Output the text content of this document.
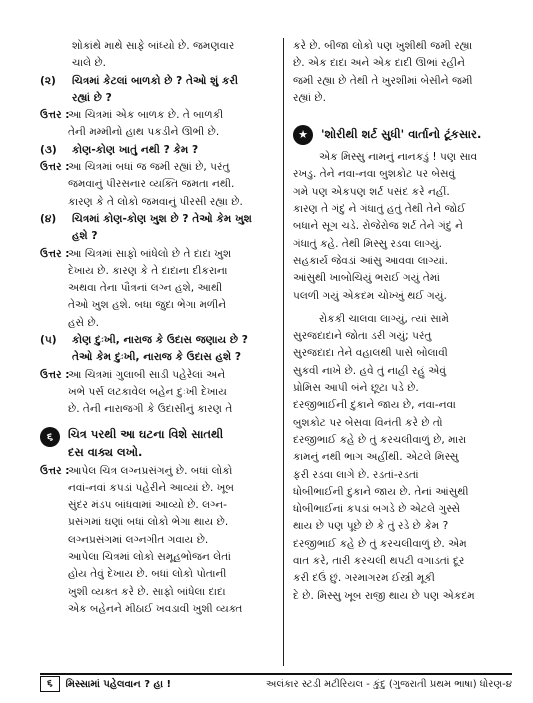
શોકાંથે માથે સાફે બાંધ્યો છે. જમણવાર
ચાલે છે.
(૨)	ચિત્રમાં કેટલાં બાળકો છે ? તેઓ શું કરી
રહ્યાં છે ?
ઉત્તર :
આ ચિત્રમાં એક બાળક છે. તે બાળકી
તેની મમ્મીનો હાથ પકડીને ઊભી છે.
(૩)	કોણ-કોણ ખાતું નથી ? કેમ ?
ઉત્તર :
આ ચિત્રમાં બધાં જ જમી રહ્યાં છે, પરંતુ
જમવાનું પીરસનાર વ્યક્તિ જમતા નથી.
કારણ કે તે લોકો જમવાનું પીરસી રહ્યા છે.
(૪)	ચિત્રમાં કોણ-કોણ ખુશ છે ? તેઓ કેમ ખુશ
હશે ?
ઉત્તર :
આ ચિત્રમાં સાફો બાંધેલો છે તે દાદા ખુશ
દેખાય છે. કારણ કે તે દાદાના દીકરાના
અથવા તેના પૌત્રનાં લગ્ન હશે, આથી
તેઓ ખુશ હશે. બધા જુદા ભેગા મળીને
હસે છે.
(૫)	કોણ દુઃખી, નારાજ કે ઉદાસ જણાય છે ?
તેઓ કેમ દુઃખી, નારાજ કે ઉદાસ હશે ?
ઉત્તર :
આ ચિત્રમાં ગુલાબી સાડી પહેરેલાં અને
ખભે પર્સ લટકાવેલ બહેન દુઃખી દેખાય
છે. તેની નારાજગી કે ઉદાસીનું કારણ તે
૬	ચિત્ર પરથી આ ઘટના વિશે સાતથી
દસ વાક્ય લખો.
ઉત્તર :
આપેલ ચિત્ર લગ્નપ્રસંગનું છે. બધાં લોકો
નવાં-નવાં કપડાં પહેરીને આવ્યાં છે. ખૂબ
સુંદર મંડપ બાંધવામાં આવ્યો છે. લગ્ન-
પ્રસંગમાં ઘણાં બધાં લોકો ભેગા થાય છે.
લગ્નપ્રસંગમાં લગ્નગીત ગવાય છે.
આપેલા ચિત્રમાં લોકો સમૂહભોજન લેતાં
હોય તેવું દેખાય છે. બધાં લોકો પોતાની
ખુશી વ્યક્ત કરે છે. સાફો બાંધેલા દાદા
એક બહેનને મીઠાઈ ખવડાવી ખુશી વ્યક્ત
કરે છે. બીજા લોકો પણ ખુશીથી જમી રહ્યા
છે. એક દાદા અને એક દાદી ઊભાં રહીને
જમી રહ્યા છે તેથી તે ખુરશીમાં બેસીને જમી
રહ્યાં છે.
★	'શોરીથી શર્ટ સુધી' વાર્તાનો ટૂંકસાર.
એક મિસ્સુ નામનું નાનકડું ! પણ સાવ
રખડુ. તેને નવા-નવા બુશકોટ પર બેસવું
ગમે પણ એકપણ શર્ટ પસંદ કરે નહીં.
કારણ તે ગંદું ને ગંધાતું હતું તેથી તેને જોઈ
બધાને સૂગ ચડે. રોજેરોજ શર્ટ તેને ગંદું ને
ગંધાતું કહે. તેથી મિસ્સુ રડવા લાગ્યું.
સહકાર્ય જેવડાં આંસુ આવવા લાગ્યાં.
આંસુથી ખાબોચિયું ભરાઈ ગયું તેમાં
પલળી ગયું એકદમ ચોખ્ખું થઈ ગયું.
રોકકી ચાલવા લાગ્યું, ત્યાં સામે
સુરજદાદાને જોતા ડરી ગયું; પરંતુ
સુરજદાદા તેને વહાલથી પાસે બોલાવી
સુકવી નાખે છે. હવે તું નાહી રહું એવું
પ્રોમિસ આપી બંને છૂટા પડે છે.
દરજીભાઈની દુકાને જાય છે, નવા-નવા
બુશકોટ પર બેસવા વિનંતી કરે છે તો
દરજીભાઈ કહે છે તું કરચલીવાળું છે, મારા
કામનું નથી ભાગ અહીંથી. એટલે મિસ્સુ
ફરી રડવા લાગે છે. રડતાં-રડતાં
ધોબીભાઈની દુકાને જાય છે. તેનાં આંસુથી
ધોબીભાઈનાં કપડાં બગડે છે એટલે ગુસ્સે
થાય છે પણ પૂછે છે કે તું રડે છે કેમ ?
દરજીભાઈ કહે છે તું કરચલીવાળું છે. એમ
વાત કરે, તારી કરચલી થપટી વગાડતાં દૂર
કરી દઉં છું. ગરમાગરમ ઈસ્ત્રી મૂકી
દે છે. મિસ્સુ ખૂબ રાજી થાય છે પણ એકદમ
૬	મિસ્સામાં પહેલવાન ? હા !	અલંકાર સ્ટડી મટીરિયલ - કુંદુ (ગુજરાતી પ્રથમ ભાષા) ધોરણ-૪
